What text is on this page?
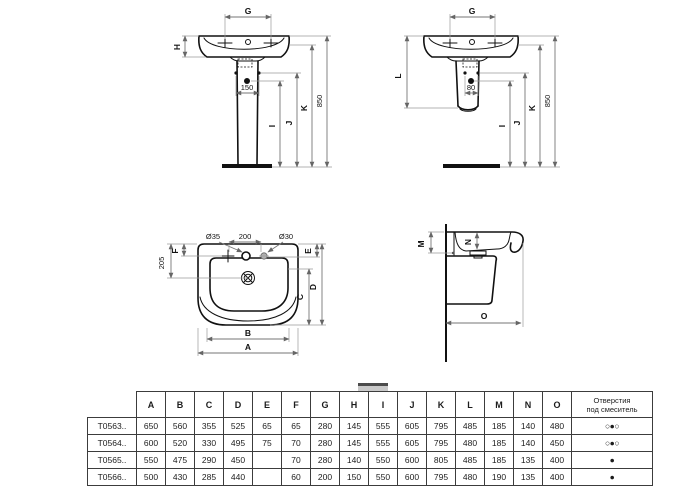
G
H
150
I
J
K
850
G
80
L
I
J
K
850
Ø35 200	Ø30
205
F	E
C
D
B
A
M	N
O
	A	B	C	D	E	F	G	H	I	J	K	L	M	N	O	Отверстия
под смеситель

T0563..	650	560	355	525	65	65	280	145	555	605	795	485	185	140	480	○●○
T0564..	600	520	330	495	75	70	280	145	555	605	795	480	185	140	450	○●○
T0565..	550	475	290	450		70	280	140	550	600	805	485	185	135	400	●
T0566..	500	430	285	440		60	200	150	550	600	795	480	190	135	400	●
